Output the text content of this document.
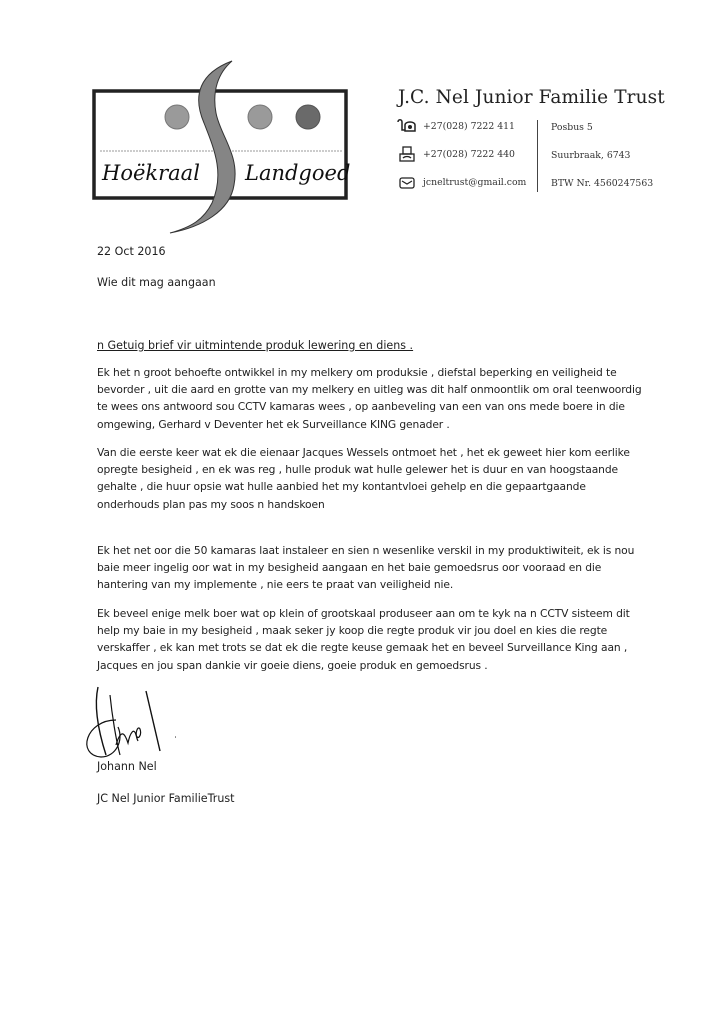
Hoëkraal Landgoed
J.C. Nel Junior Familie Trust
+27(028) 7222 411
+27(028) 7222 440
jcneltrust@gmail.com
Posbus 5
Suurbraak, 6743
BTW Nr. 4560247563
22 Oct 2016
Wie dit mag aangaan
n Getuig brief vir uitmintende produk lewering en diens .
Ek het n groot behoefte ontwikkel in my melkery om produksie , diefstal beperking en veiligheid te
bevorder , uit die aard en grotte van my melkery en uitleg was dit half onmoontlik om oral teenwoordig
te wees ons antwoord sou CCTV kamaras wees , op aanbeveling van een van ons mede boere in die
omgewing, Gerhard v Deventer het ek Surveillance KING genader .
Van die eerste keer wat ek die eienaar Jacques Wessels ontmoet het , het ek geweet hier kom eerlike
opregte besigheid , en ek was reg , hulle produk wat hulle gelewer het is duur en van hoogstaande
gehalte , die huur opsie wat hulle aanbied het my kontantvloei gehelp en die gepaartgaande
onderhouds plan pas my soos n handskoen
Ek het net oor die 50 kamaras laat instaleer en sien n wesenlike verskil in my produktiwiteit, ek is nou
baie meer ingelig oor wat in my besigheid aangaan en het baie gemoedsrus oor vooraad en die
hantering van my implemente , nie eers te praat van veiligheid nie.
Ek beveel enige melk boer wat op klein of grootskaal produseer aan om te kyk na n CCTV sisteem dit
help my baie in my besigheid , maak seker jy koop die regte produk vir jou doel en kies die regte
verskaffer , ek kan met trots se dat ek die regte keuse gemaak het en beveel Surveillance King aan ,
Jacques en jou span dankie vir goeie diens, goeie produk en gemoedsrus .
Johann Nel
JC Nel Junior FamilieTrust
